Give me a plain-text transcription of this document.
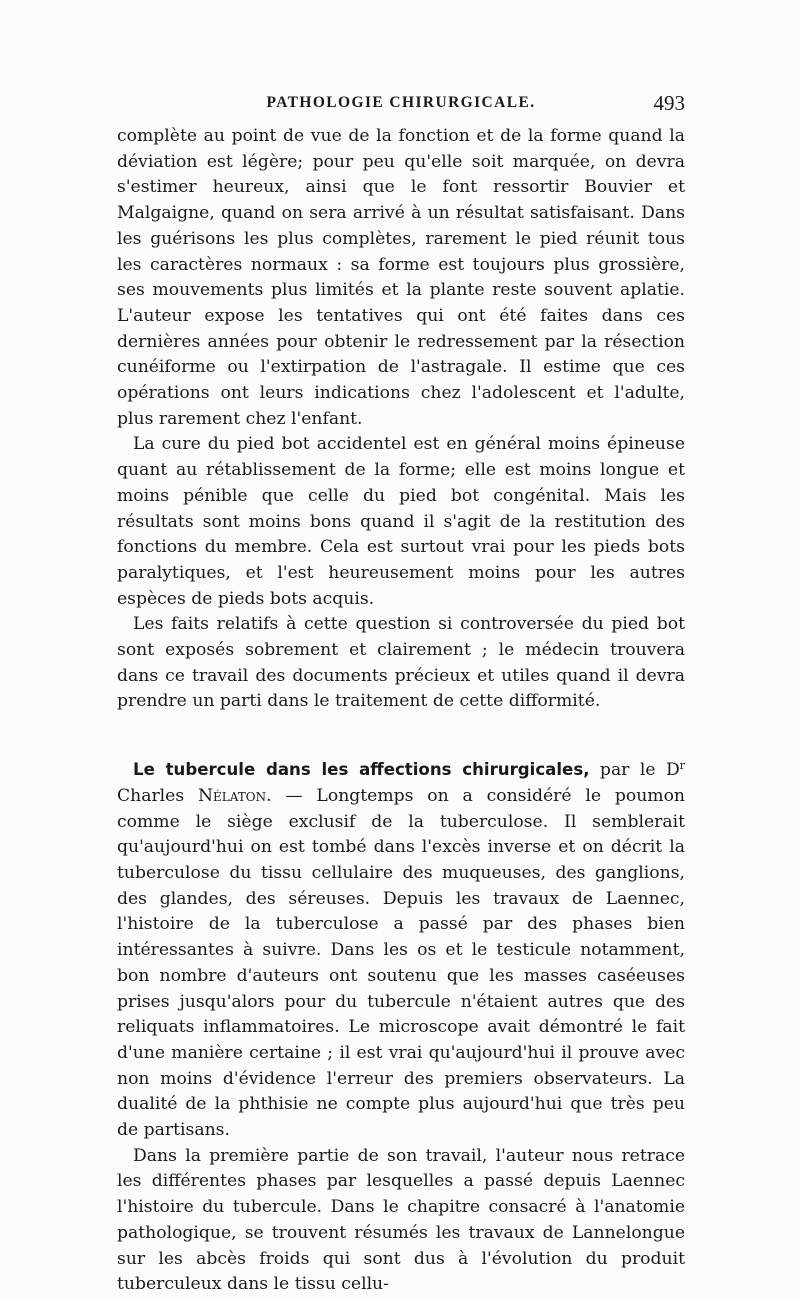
PATHOLOGIE CHIRURGICALE.	493

complète au point de vue de la fonction et de la forme quand la déviation est légère; pour peu qu'elle soit marquée, on devra s'estimer heureux, ainsi que le font ressortir Bouvier et Malgaigne, quand on sera arrivé à un résultat satisfaisant. Dans les guérisons les plus complètes, rarement le pied réunit tous les caractères normaux : sa forme est toujours plus grossière, ses mouvements plus limités et la plante reste souvent aplatie. L'auteur expose les tentatives qui ont été faites dans ces dernières années pour obtenir le redressement par la résection cunéiforme ou l'extirpation de l'astragale. Il estime que ces opérations ont leurs indications chez l'adolescent et l'adulte, plus rarement chez l'enfant.

La cure du pied bot accidentel est en général moins épineuse quant au rétablissement de la forme; elle est moins longue et moins pénible que celle du pied bot congénital. Mais les résultats sont moins bons quand il s'agit de la restitution des fonctions du membre. Cela est surtout vrai pour les pieds bots paralytiques, et l'est heureusement moins pour les autres espèces de pieds bots acquis.

Les faits relatifs à cette question si controversée du pied bot sont exposés sobrement et clairement ; le médecin trouvera dans ce travail des documents précieux et utiles quand il devra prendre un parti dans le traitement de cette difformité.

Le tubercule dans les affections chirurgicales, par le $D^r$ Charles Nélaton. — Longtemps on a considéré le poumon comme le siège exclusif de la tuberculose. Il semblerait qu'aujourd'hui on est tombé dans l'excès inverse et on décrit la tuberculose du tissu cellulaire des muqueuses, des ganglions, des glandes, des séreuses. Depuis les travaux de Laennec, l'histoire de la tuberculose a passé par des phases bien intéressantes à suivre. Dans les os et le testicule notamment, bon nombre d'auteurs ont soutenu que les masses caséeuses prises jusqu'alors pour du tubercule n'étaient autres que des reliquats inflammatoires. Le microscope avait démontré le fait d'une manière certaine ; il est vrai qu'aujourd'hui il prouve avec non moins d'évidence l'erreur des premiers observateurs. La dualité de la phthisie ne compte plus aujourd'hui que très peu de partisans.

Dans la première partie de son travail, l'auteur nous retrace les différentes phases par lesquelles a passé depuis Laennec l'histoire du tubercule. Dans le chapitre consacré à l'anatomie pathologique, se trouvent résumés les travaux de Lannelongue sur les abcès froids qui sont dus à l'évolution du produit tuberculeux dans le tissu cellu-
